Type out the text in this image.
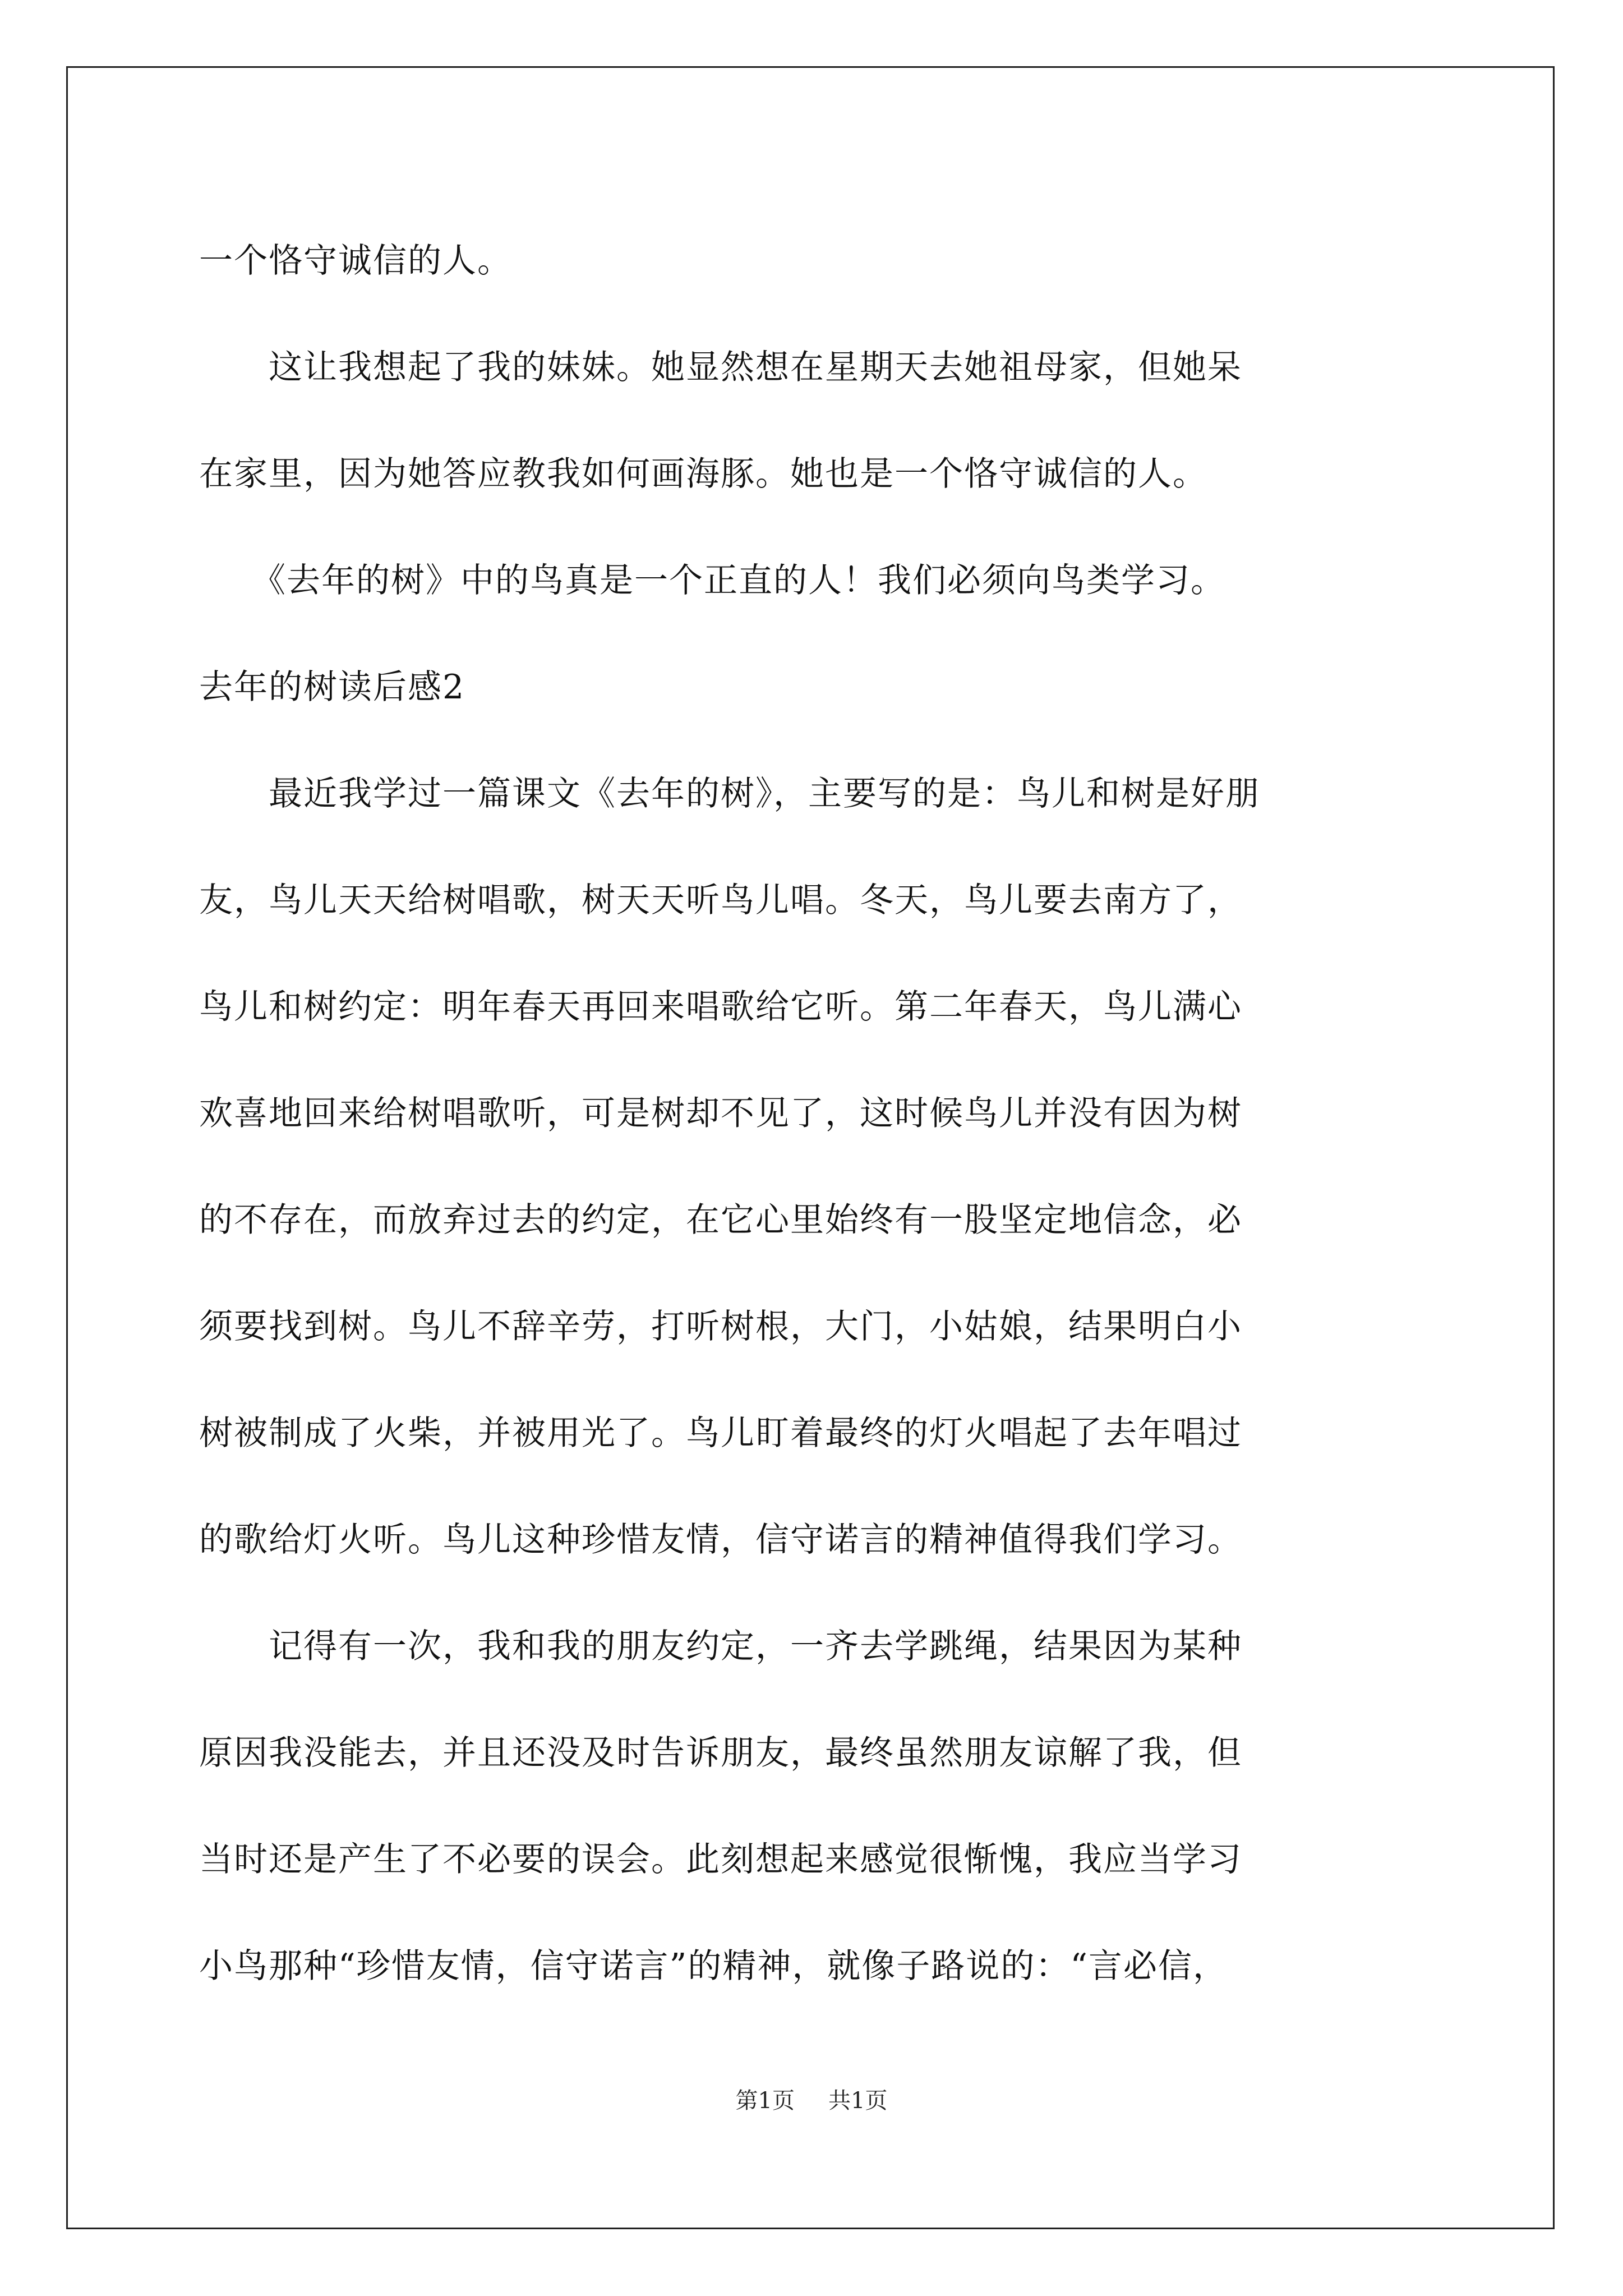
一个恪守诚信的人。
　　这让我想起了我的妹妹。她显然想在星期天去她祖母家，但她呆
在家里，因为她答应教我如何画海豚。她也是一个恪守诚信的人。
　　《去年的树》中的鸟真是一个正直的人！我们必须向鸟类学习。
去年的树读后感2
　　最近我学过一篇课文《去年的树》，主要写的是：鸟儿和树是好朋
友，鸟儿天天给树唱歌，树天天听鸟儿唱。冬天，鸟儿要去南方了，
鸟儿和树约定：明年春天再回来唱歌给它听。第二年春天，鸟儿满心
欢喜地回来给树唱歌听，可是树却不见了，这时候鸟儿并没有因为树
的不存在，而放弃过去的约定，在它心里始终有一股坚定地信念，必
须要找到树。鸟儿不辞辛劳，打听树根，大门，小姑娘，结果明白小
树被制成了火柴，并被用光了。鸟儿盯着最终的灯火唱起了去年唱过
的歌给灯火听。鸟儿这种珍惜友情，信守诺言的精神值得我们学习。
　　记得有一次，我和我的朋友约定，一齐去学跳绳，结果因为某种
原因我没能去，并且还没及时告诉朋友，最终虽然朋友谅解了我，但
当时还是产生了不必要的误会。此刻想起来感觉很惭愧，我应当学习
小鸟那种“珍惜友情，信守诺言”的精神，就像子路说的：“言必信，
第1页 共1页
